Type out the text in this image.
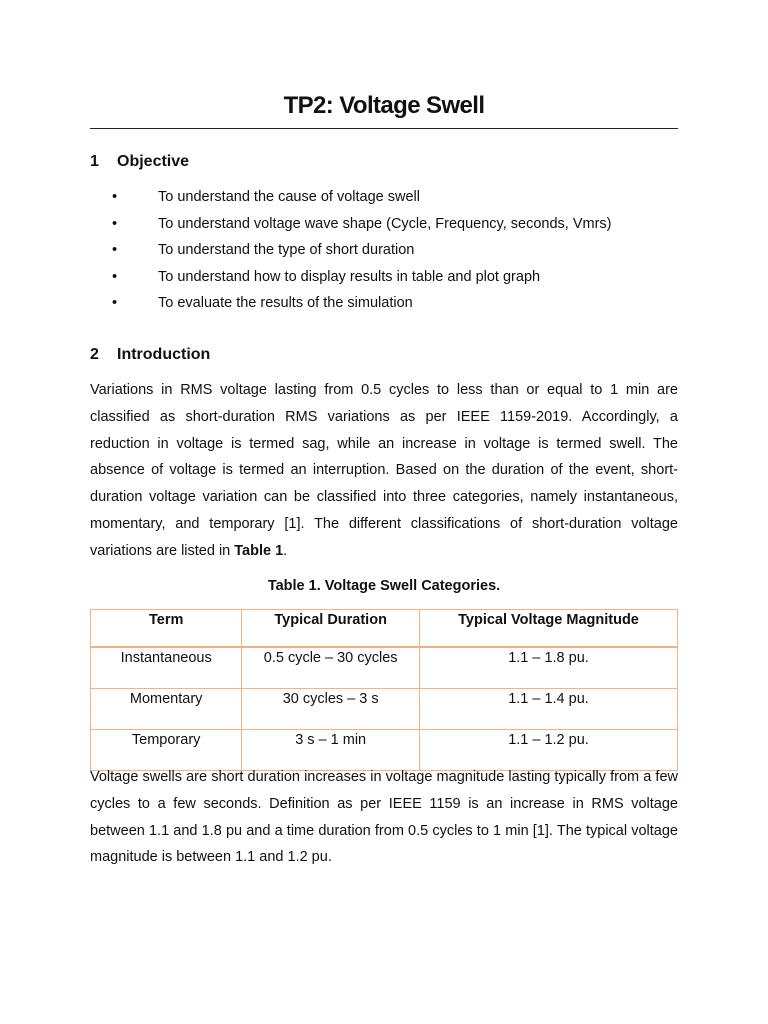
TP2: Voltage Swell
1 Objective
•	To understand the cause of voltage swell
•	To understand voltage wave shape (Cycle, Frequency, seconds, Vmrs)
•	To understand the type of short duration
•	To understand how to display results in table and plot graph
•	To evaluate the results of the simulation
2 Introduction

Variations in RMS voltage lasting from 0.5 cycles to less than or equal to 1 min are classified as short-duration RMS variations as per IEEE 1159-2019. Accordingly, a reduction in voltage is termed sag, while an increase in voltage is termed swell. The absence of voltage is termed an interruption. Based on the duration of the event, short-duration voltage variation can be classified into three categories, namely instantaneous, momentary, and temporary [1]. The different classifications of short-duration voltage variations are listed in Table 1.

Table 1. Voltage Swell Categories.

Term	Typical Duration	Typical Voltage Magnitude
Instantaneous	0.5 cycle – 30 cycles	1.1 – 1.8 pu.
Momentary	30 cycles – 3 s	1.1 – 1.4 pu.
Temporary	3 s – 1 min	1.1 – 1.2 pu.

Voltage swells are short duration increases in voltage magnitude lasting typically from a few cycles to a few seconds. Definition as per IEEE 1159 is an increase in RMS voltage between 1.1 and 1.8 pu and a time duration from 0.5 cycles to 1 min [1]. The typical voltage magnitude is between 1.1 and 1.2 pu.
